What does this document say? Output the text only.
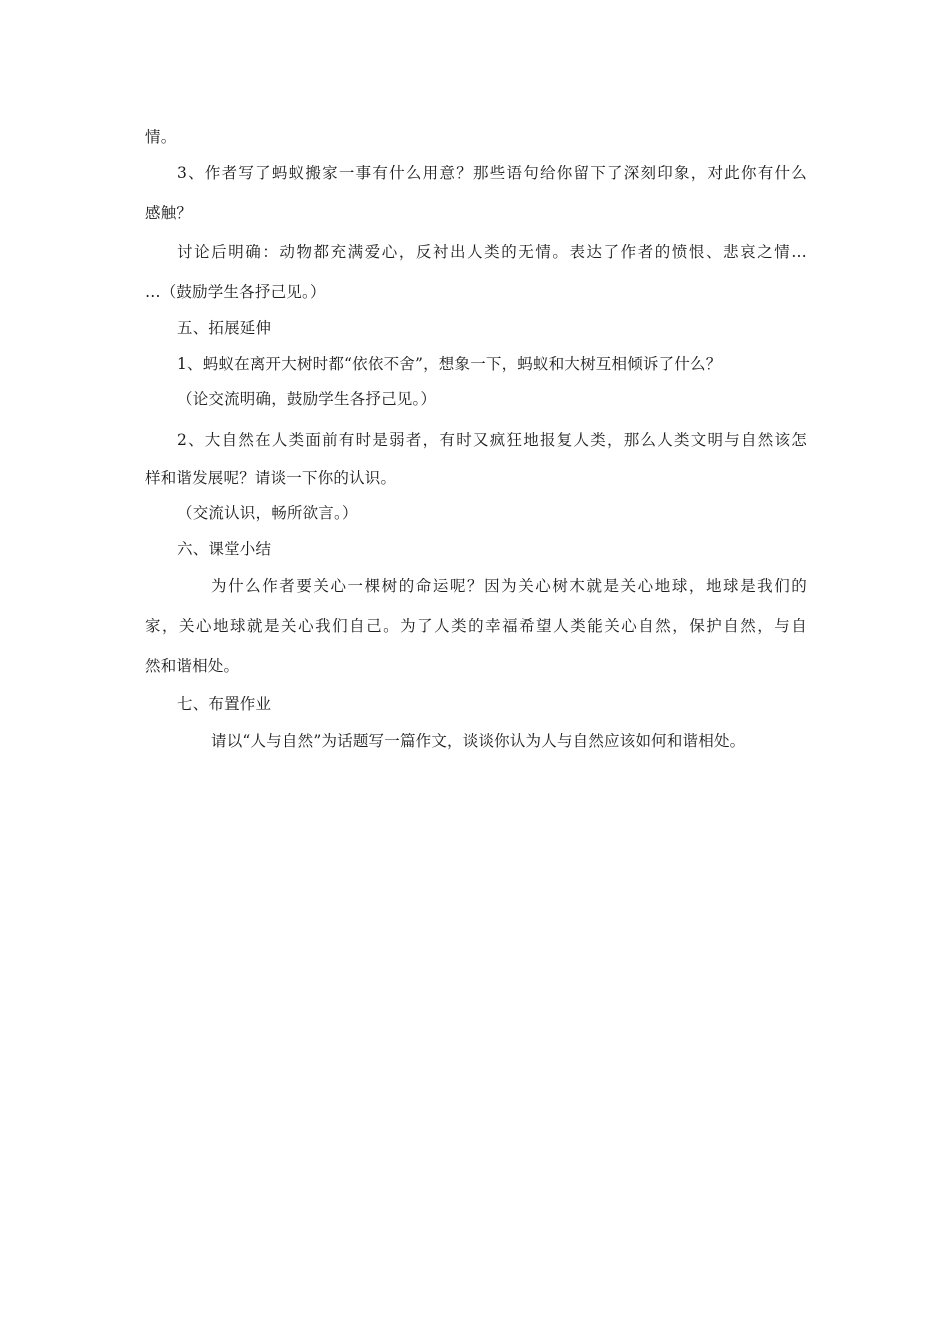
情。
3、作者写了蚂蚁搬家一事有什么用意？那些语句给你留下了深刻印象，对此你有什么
感触？
讨论后明确：动物都充满爱心，反衬出人类的无情。表达了作者的愤恨、悲哀之情…
…（鼓励学生各抒己见。）
五、拓展延伸
1、蚂蚁在离开大树时都“依依不舍”，想象一下，蚂蚁和大树互相倾诉了什么？
（论交流明确，鼓励学生各抒己见。）
2、大自然在人类面前有时是弱者，有时又疯狂地报复人类，那么人类文明与自然该怎
样和谐发展呢？请谈一下你的认识。
（交流认识，畅所欲言。）
六、课堂小结
为什么作者要关心一棵树的命运呢？因为关心树木就是关心地球，地球是我们的
家，关心地球就是关心我们自己。为了人类的幸福希望人类能关心自然，保护自然，与自
然和谐相处。
七、布置作业
请以“人与自然”为话题写一篇作文，谈谈你认为人与自然应该如何和谐相处。
